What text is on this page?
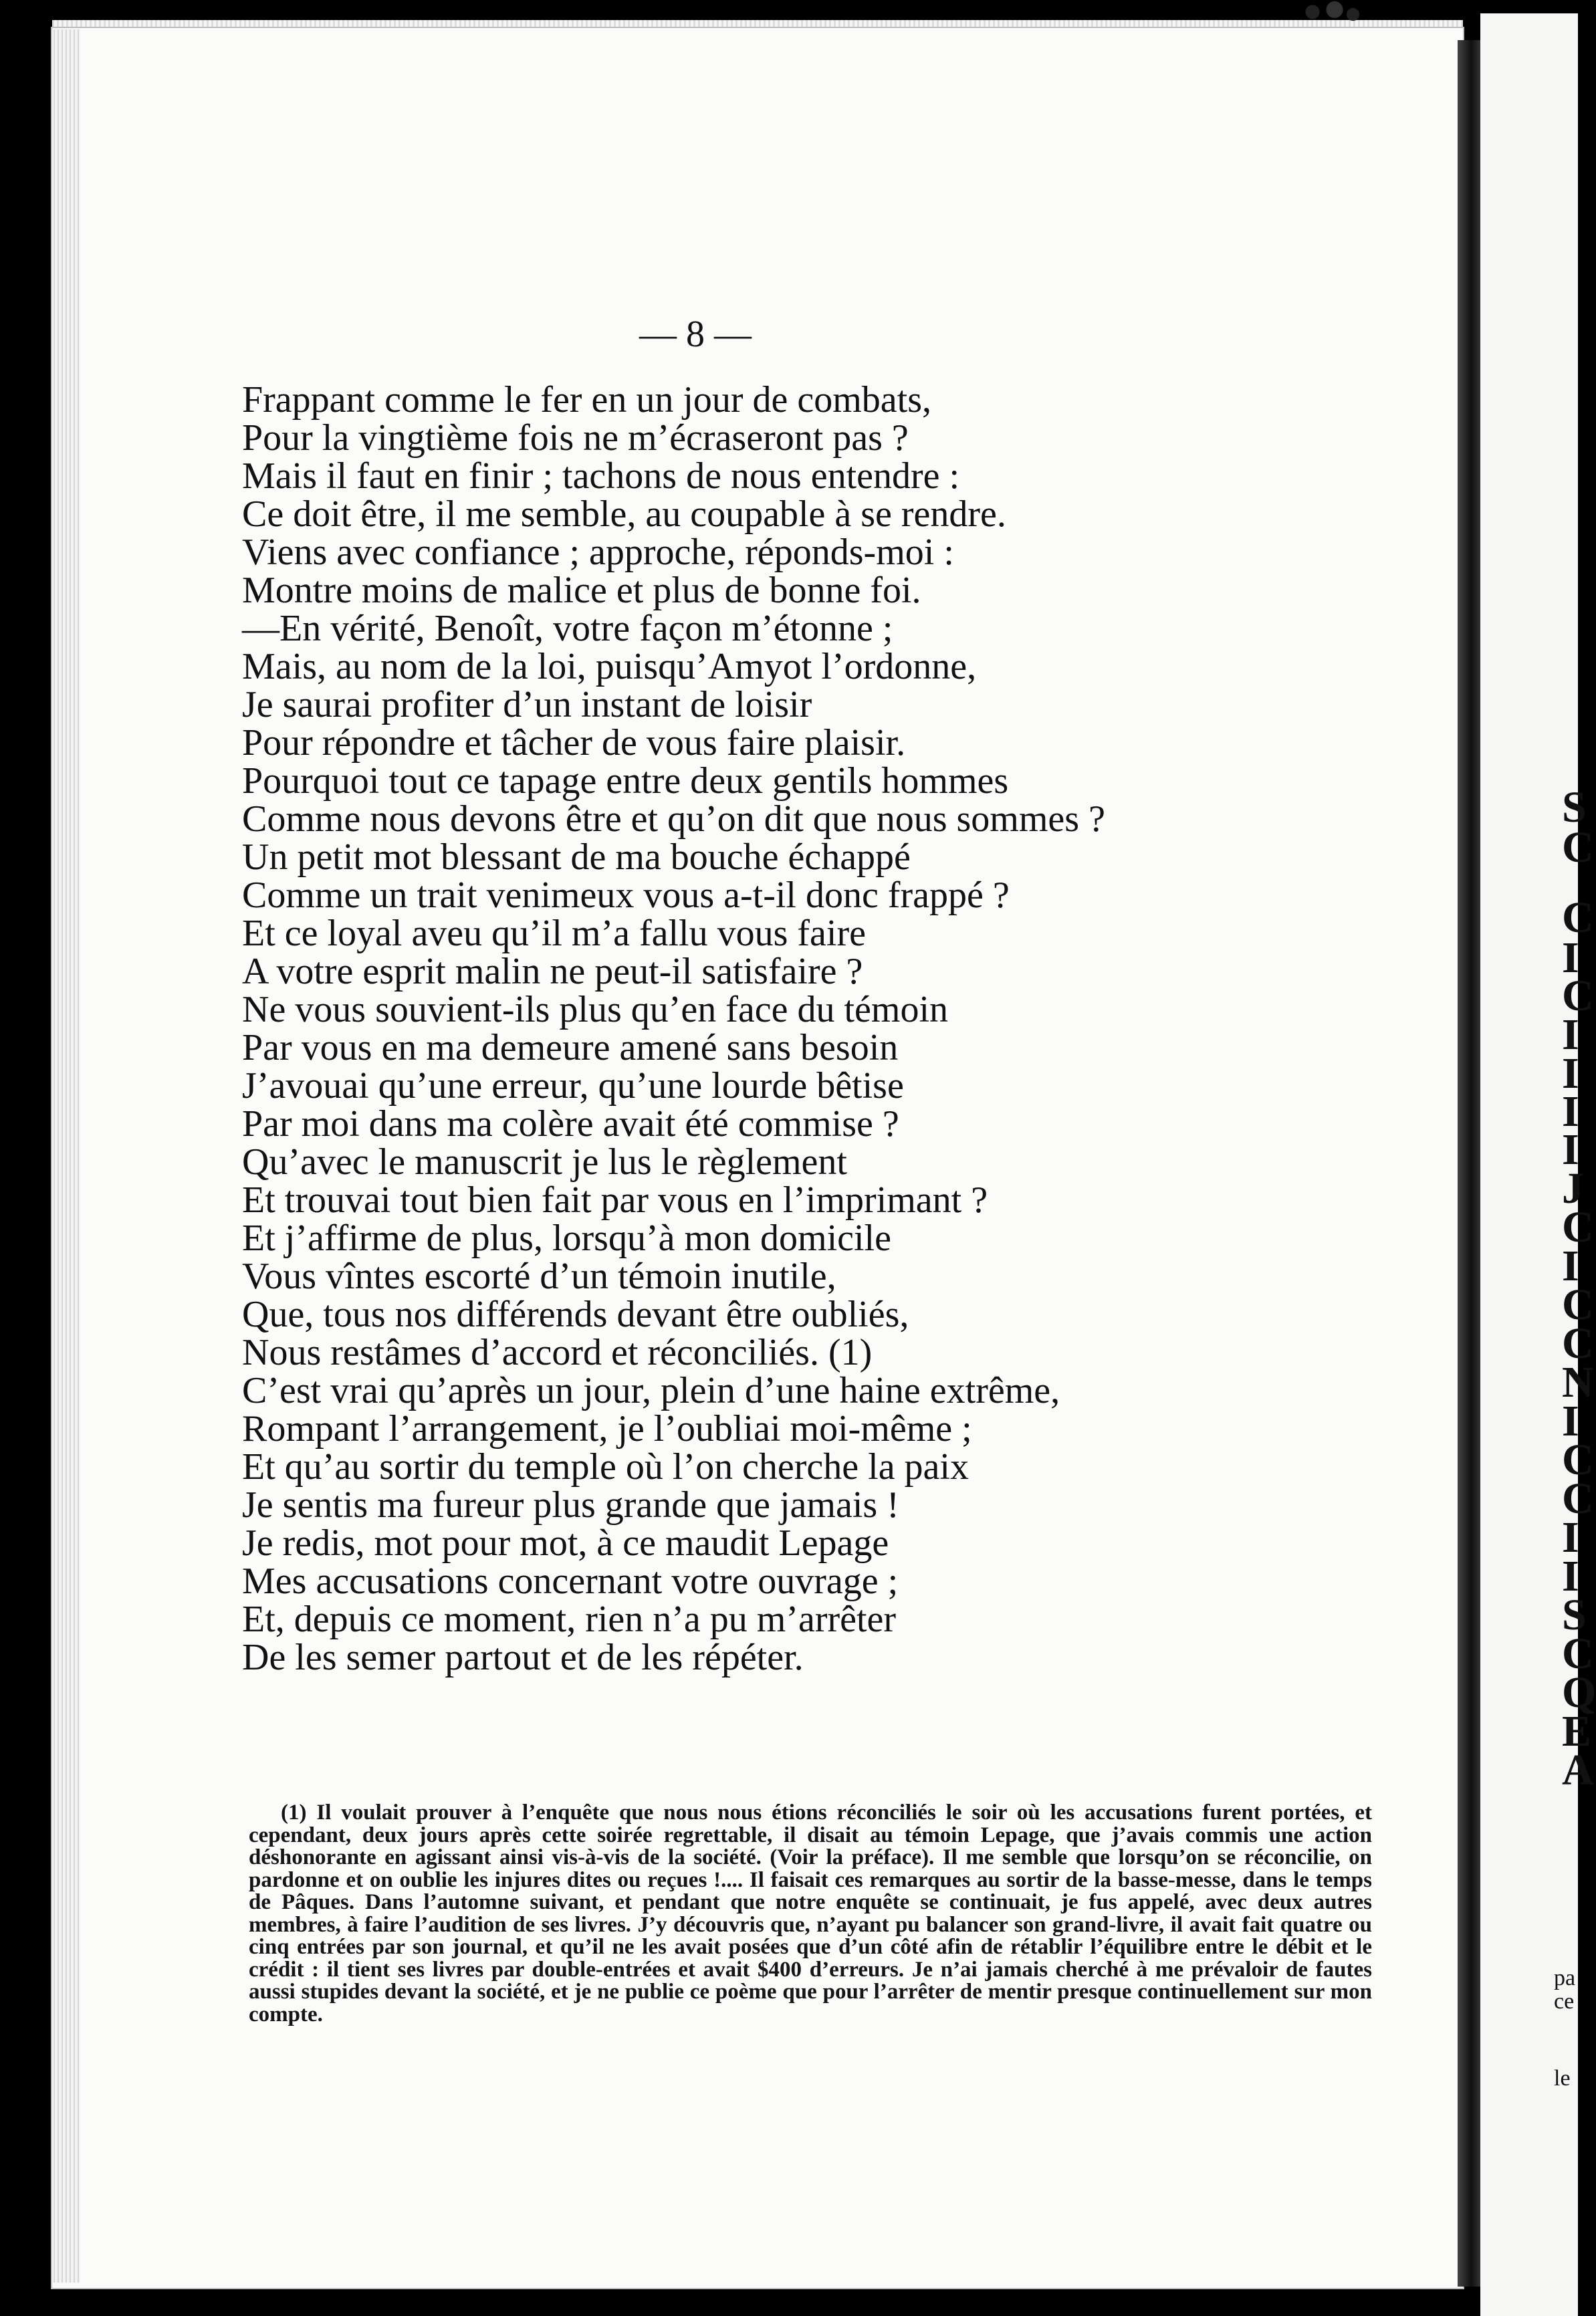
— 8 —
Frappant comme le fer en un jour de combats,
Pour la vingtième fois ne m’écraseront pas ?
Mais il faut en finir ; tachons de nous entendre :
Ce doit être, il me semble, au coupable à se rendre.
Viens avec confiance ; approche, réponds-moi :
Montre moins de malice et plus de bonne foi.
—En vérité, Benoît, votre façon m’étonne ;
Mais, au nom de la loi, puisqu’Amyot l’ordonne,
Je saurai profiter d’un instant de loisir
Pour répondre et tâcher de vous faire plaisir.
Pourquoi tout ce tapage entre deux gentils hommes
Comme nous devons être et qu’on dit que nous sommes ?
Un petit mot blessant de ma bouche échappé
Comme un trait venimeux vous a-t-il donc frappé ?
Et ce loyal aveu qu’il m’a fallu vous faire
A votre esprit malin ne peut-il satisfaire ?
Ne vous souvient-ils plus qu’en face du témoin
Par vous en ma demeure amené sans besoin
J’avouai qu’une erreur, qu’une lourde bêtise
Par moi dans ma colère avait été commise ?
Qu’avec le manuscrit je lus le règlement
Et trouvai tout bien fait par vous en l’imprimant ?
Et j’affirme de plus, lorsqu’à mon domicile
Vous vîntes escorté d’un témoin inutile,
Que, tous nos différends devant être oubliés,
Nous restâmes d’accord et réconciliés. (1)
C’est vrai qu’après un jour, plein d’une haine extrême,
Rompant l’arrangement, je l’oubliai moi-même ;
Et qu’au sortir du temple où l’on cherche la paix
Je sentis ma fureur plus grande que jamais !
Je redis, mot pour mot, à ce maudit Lepage
Mes accusations concernant votre ouvrage ;
Et, depuis ce moment, rien n’a pu m’arrêter
De les semer partout et de les répéter.

(1) Il voulait prouver à l’enquête que nous nous étions réconciliés le soir où les accusations furent portées, et cependant, deux jours après cette soirée regrettable, il disait au témoin Lepage, que j’avais commis une action déshonorante en agissant ainsi vis-à-vis de la société. (Voir la préface). Il me semble que lorsqu’on se réconcilie, on pardonne et on oublie les injures dites ou reçues !.... Il faisait ces remarques au sortir de la basse-messe, dans le temps de Pâques. Dans l’automne suivant, et pendant que notre enquête se continuait, je fus appelé, avec deux autres membres, à faire l’audition de ses livres. J’y découvris que, n’ayant pu balancer son grand-livre, il avait fait quatre ou cinq entrées par son journal, et qu’il ne les avait posées que d’un côté afin de rétablir l’équilibre entre le débit et le crédit : il tient ses livres par double-entrées et avait $400 d’erreurs. Je n’ai jamais cherché à me prévaloir de fautes aussi stupides devant la société, et je ne publie ce poème que pour l’arrêter de mentir presque continuellement sur mon compte.

S
C
C
I
C
I
I
I
I
J
C
I
C
C
N
I
C
C
I
I
S
C
Q
E
A
pa
ce
le
